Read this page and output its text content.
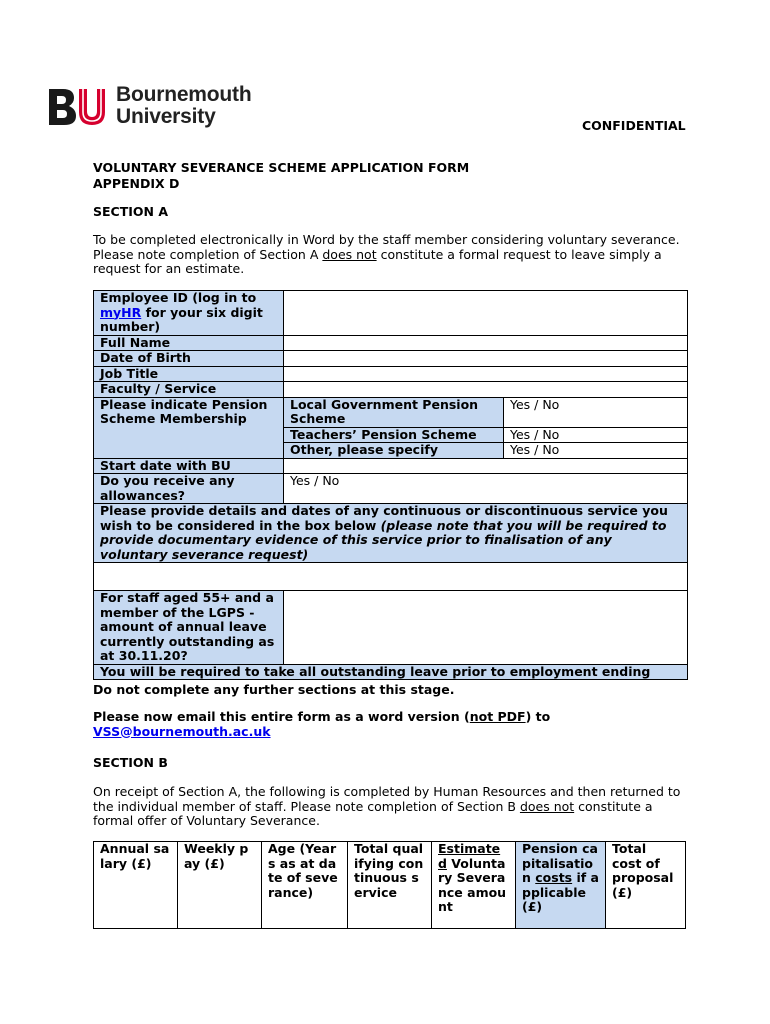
Bournemouth
University	CONFIDENTIAL
VOLUNTARY SEVERANCE SCHEME APPLICATION FORM
APPENDIX D
SECTION A
To be completed electronically in Word by the staff member considering voluntary severance. Please note completion of Section A does not constitute a formal request to leave simply a request for an estimate.
Employee ID (log in to myHR for your six digit number)		
Full Name		
Date of Birth		
Job Title		
Faculty / Service		
Please indicate Pension Scheme Membership	Local Government Pension Scheme	Yes / No
	Teachers’ Pension Scheme	Yes / No
	Other, please specify	Yes / No
Start date with BU		
Do you receive any allowances?	Yes / No	
Please provide details and dates of any continuous or discontinuous service you wish to be considered in the box below (please note that you will be required to provide documentary evidence of this service prior to finalisation of any voluntary severance request)		

For staff aged 55+ and a member of the LGPS - amount of annual leave currently outstanding as at 30.11.20?		
You will be required to take all outstanding leave prior to employment ending		
Do not complete any further sections at this stage.
Please now email this entire form as a word version (not PDF) to VSS@bournemouth.ac.uk
SECTION B
On receipt of Section A, the following is completed by Human Resources and then returned to the individual member of staff. Please note completion of Section B does not constitute a formal offer of Voluntary Severance.
Annual salary (£)	Weekly pay (£)	Age (Years as at date of severance)	Total qualifying continuous service	Estimated Voluntary Severance amount	Pension capitalisation costs if applicable (£)	Total cost of proposal (£)
